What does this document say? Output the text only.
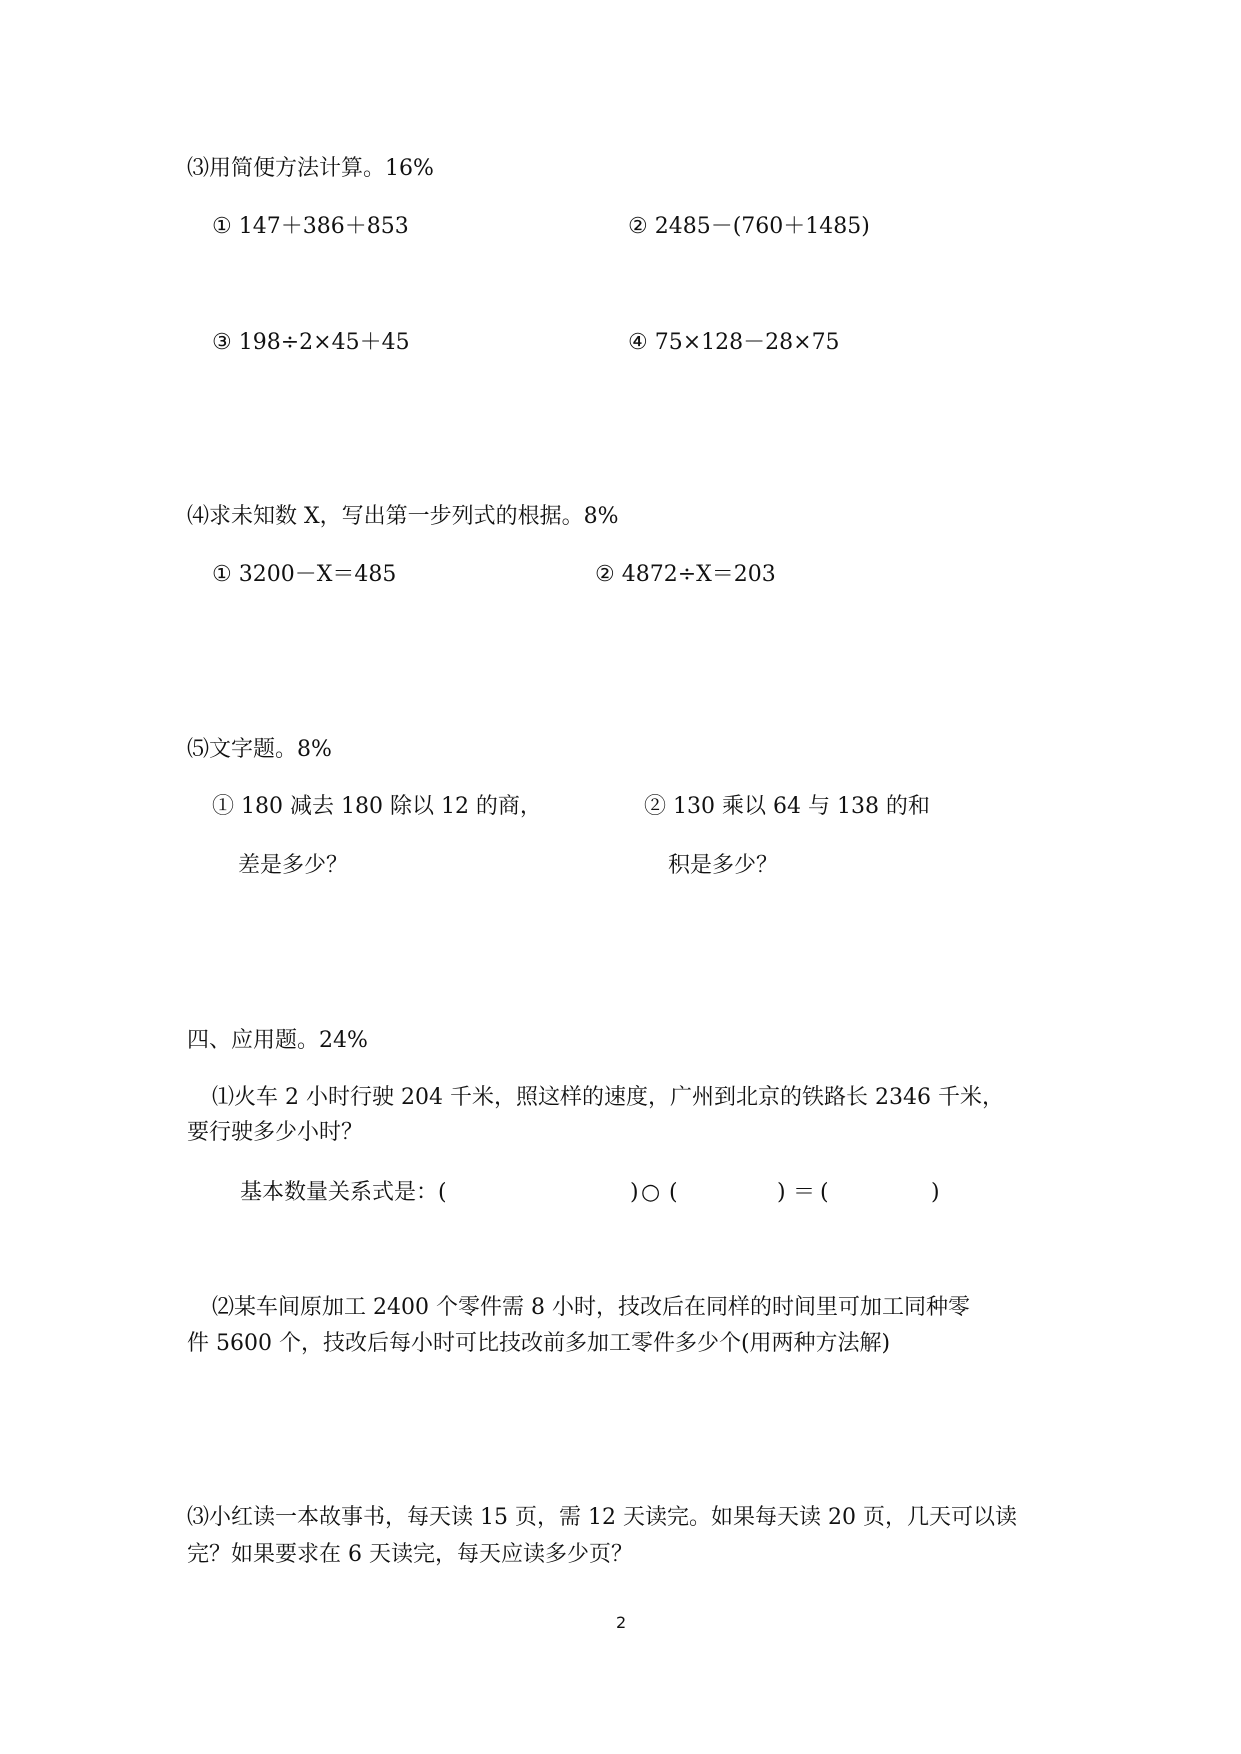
⑶用简便方法计算。16%
① 147＋386＋853	② 2485－(760＋1485)
③ 198÷2×45＋45	④ 75×128－28×75
⑷求未知数 X，写出第一步列式的根据。8%
① 3200－X＝485	② 4872÷X＝203
⑸文字题。8%
① 180 减去 180 除以 12 的商，
差是多少？
② 130 乘以 64 与 138 的和
积是多少？
四、应用题。24%
⑴火车 2 小时行驶 204 千米，照这样的速度，广州到北京的铁路长 2346 千米，
要行驶多少小时？
基本数量关系式是：(	) ○ (	) ＝ (	)
⑵某车间原加工 2400 个零件需 8 小时，技改后在同样的时间里可加工同种零
件 5600 个，技改后每小时可比技改前多加工零件多少个(用两种方法解)
⑶小红读一本故事书，每天读 15 页，需 12 天读完。如果每天读 20 页，几天可以读
完？如果要求在 6 天读完，每天应读多少页？
2
